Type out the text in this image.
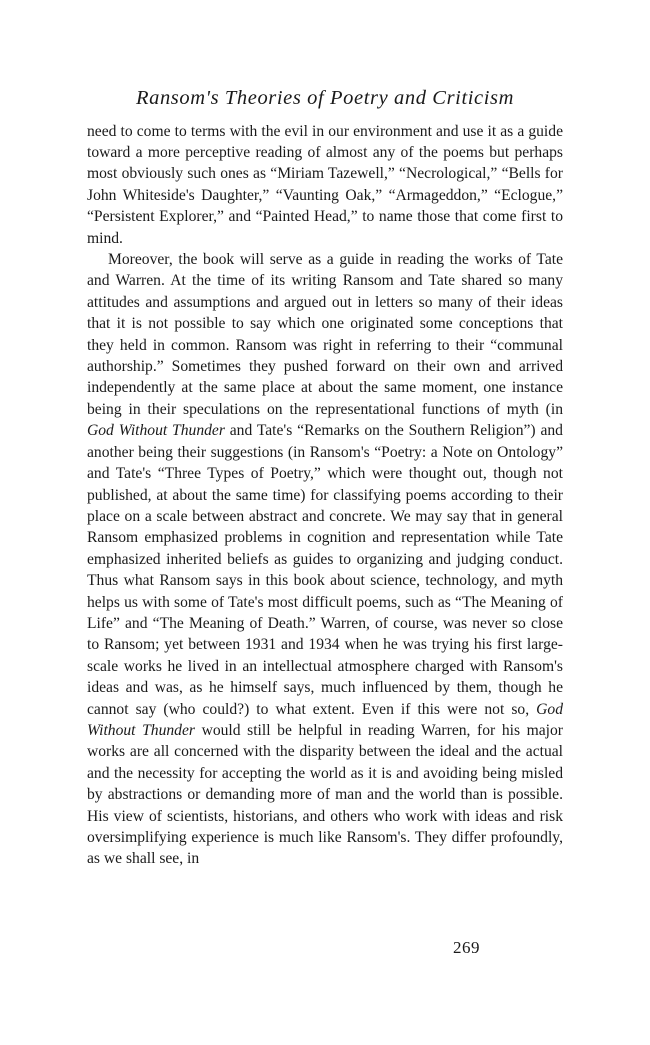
Ransom's Theories of Poetry and Criticism

need to come to terms with the evil in our environment and use it as a guide toward a more perceptive reading of almost any of the poems but perhaps most obviously such ones as “Miriam Tazewell,” “Necrological,” “Bells for John Whiteside's Daughter,” “Vaunting Oak,” “Armageddon,” “Eclogue,” “Persistent Explorer,” and “Painted Head,” to name those that come first to mind.

Moreover, the book will serve as a guide in reading the works of Tate and Warren. At the time of its writing Ransom and Tate shared so many attitudes and assumptions and argued out in letters so many of their ideas that it is not possible to say which one originated some conceptions that they held in common. Ransom was right in referring to their “communal authorship.” Sometimes they pushed forward on their own and arrived independently at the same place at about the same moment, one instance being in their speculations on the representational functions of myth (in God Without Thunder and Tate's “Remarks on the Southern Religion”) and another being their suggestions (in Ransom's “Poetry: a Note on Ontology” and Tate's “Three Types of Poetry,” which were thought out, though not published, at about the same time) for classifying poems according to their place on a scale between abstract and concrete. We may say that in general Ransom emphasized problems in cognition and representation while Tate emphasized inherited beliefs as guides to organizing and judging conduct. Thus what Ransom says in this book about science, technology, and myth helps us with some of Tate's most difficult poems, such as “The Meaning of Life” and “The Meaning of Death.” Warren, of course, was never so close to Ransom; yet between 1931 and 1934 when he was trying his first large-scale works he lived in an intellectual atmosphere charged with Ransom's ideas and was, as he himself says, much influenced by them, though he cannot say (who could?) to what extent. Even if this were not so, God Without Thunder would still be helpful in reading Warren, for his major works are all concerned with the disparity between the ideal and the actual and the necessity for accepting the world as it is and avoiding being misled by abstractions or demanding more of man and the world than is possible. His view of scientists, historians, and others who work with ideas and risk oversimplifying experience is much like Ransom's. They differ profoundly, as we shall see, in

269
